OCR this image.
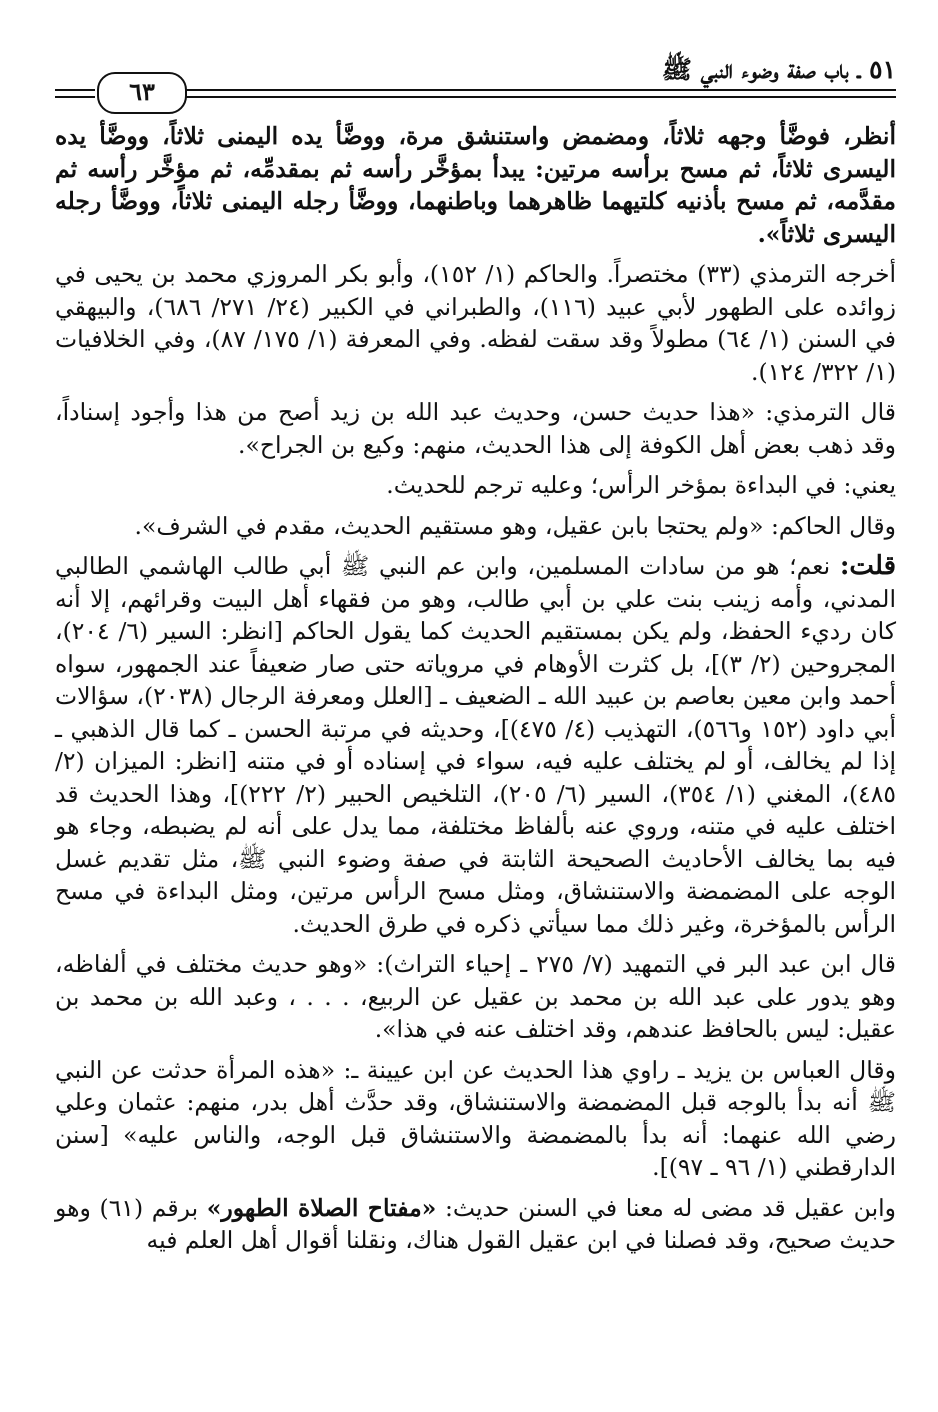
٥١ ـ باب صفة وضوء النبي ﷺ
٦٣

أنظر، فوضَّأ وجهه ثلاثاً، ومضمض واستنشق مرة، ووضَّأ يده اليمنى ثلاثاً، ووضَّأ يده اليسرى ثلاثاً، ثم مسح برأسه مرتين: يبدأ بمؤخَّر رأسه ثم بمقدمِّه، ثم مؤخَّر رأسه ثم مقدَّمه، ثم مسح بأذنيه كلتيهما ظاهرهما وباطنهما، ووضَّأ رجله اليمنى ثلاثاً، ووضَّأ رجله اليسرى ثلاثاً».

أخرجه الترمذي (٣٣) مختصراً. والحاكم (١/ ١٥٢)، وأبو بكر المروزي محمد بن يحيى في زوائده على الطهور لأبي عبيد (١١٦)، والطبراني في الكبير (٢٤/ ٢٧١/ ٦٨٦)، والبيهقي في السنن (١/ ٦٤) مطولاً وقد سقت لفظه. وفي المعرفة (١/ ١٧٥/ ٨٧)، وفي الخلافيات (١/ ٣٢٢/ ١٢٤).

قال الترمذي: «هذا حديث حسن، وحديث عبد الله بن زيد أصح من هذا وأجود إسناداً، وقد ذهب بعض أهل الكوفة إلى هذا الحديث، منهم: وكيع بن الجراح».

يعني: في البداءة بمؤخر الرأس؛ وعليه ترجم للحديث.

وقال الحاكم: «ولم يحتجا بابن عقيل، وهو مستقيم الحديث، مقدم في الشرف».

قلت: نعم؛ هو من سادات المسلمين، وابن عم النبي ﷺ أبي طالب الهاشمي الطالبي المدني، وأمه زينب بنت علي بن أبي طالب، وهو من فقهاء أهل البيت وقرائهم، إلا أنه كان رديء الحفظ، ولم يكن بمستقيم الحديث كما يقول الحاكم [انظر: السير (٦/ ٢٠٤)، المجروحين (٢/ ٣)]، بل كثرت الأوهام في مروياته حتى صار ضعيفاً عند الجمهور، سواه أحمد وابن معين بعاصم بن عبيد الله ـ الضعيف ـ [العلل ومعرفة الرجال (٢٠٣٨)، سؤالات أبي داود (١٥٢ و٥٦٦)، التهذيب (٤/ ٤٧٥)]، وحديثه في مرتبة الحسن ـ كما قال الذهبي ـ إذا لم يخالف، أو لم يختلف عليه فيه، سواء في إسناده أو في متنه [انظر: الميزان (٢/ ٤٨٥)، المغني (١/ ٣٥٤)، السير (٦/ ٢٠٥)، التلخيص الحبير (٢/ ٢٢٢)]، وهذا الحديث قد اختلف عليه في متنه، وروي عنه بألفاظ مختلفة، مما يدل على أنه لم يضبطه، وجاء هو فيه بما يخالف الأحاديث الصحيحة الثابتة في صفة وضوء النبي ﷺ، مثل تقديم غسل الوجه على المضمضة والاستنشاق، ومثل مسح الرأس مرتين، ومثل البداءة في مسح الرأس بالمؤخرة، وغير ذلك مما سيأتي ذكره في طرق الحديث.

قال ابن عبد البر في التمهيد (٧/ ٢٧٥ ـ إحياء التراث): «وهو حديث مختلف في ألفاظه، وهو يدور على عبد الله بن محمد بن عقيل عن الربيع، . . . ، وعبد الله بن محمد بن عقيل: ليس بالحافظ عندهم، وقد اختلف عنه في هذا».

وقال العباس بن يزيد ـ راوي هذا الحديث عن ابن عيينة ـ: «هذه المرأة حدثت عن النبي ﷺ أنه بدأ بالوجه قبل المضمضة والاستنشاق، وقد حدَّث أهل بدر، منهم: عثمان وعلي رضي الله عنهما: أنه بدأ بالمضمضة والاستنشاق قبل الوجه، والناس عليه» [سنن الدارقطني (١/ ٩٦ ـ ٩٧)].

وابن عقيل قد مضى له معنا في السنن حديث: «مفتاح الصلاة الطهور» برقم (٦١) وهو حديث صحيح، وقد فصلنا في ابن عقيل القول هناك، ونقلنا أقوال أهل العلم فيه
